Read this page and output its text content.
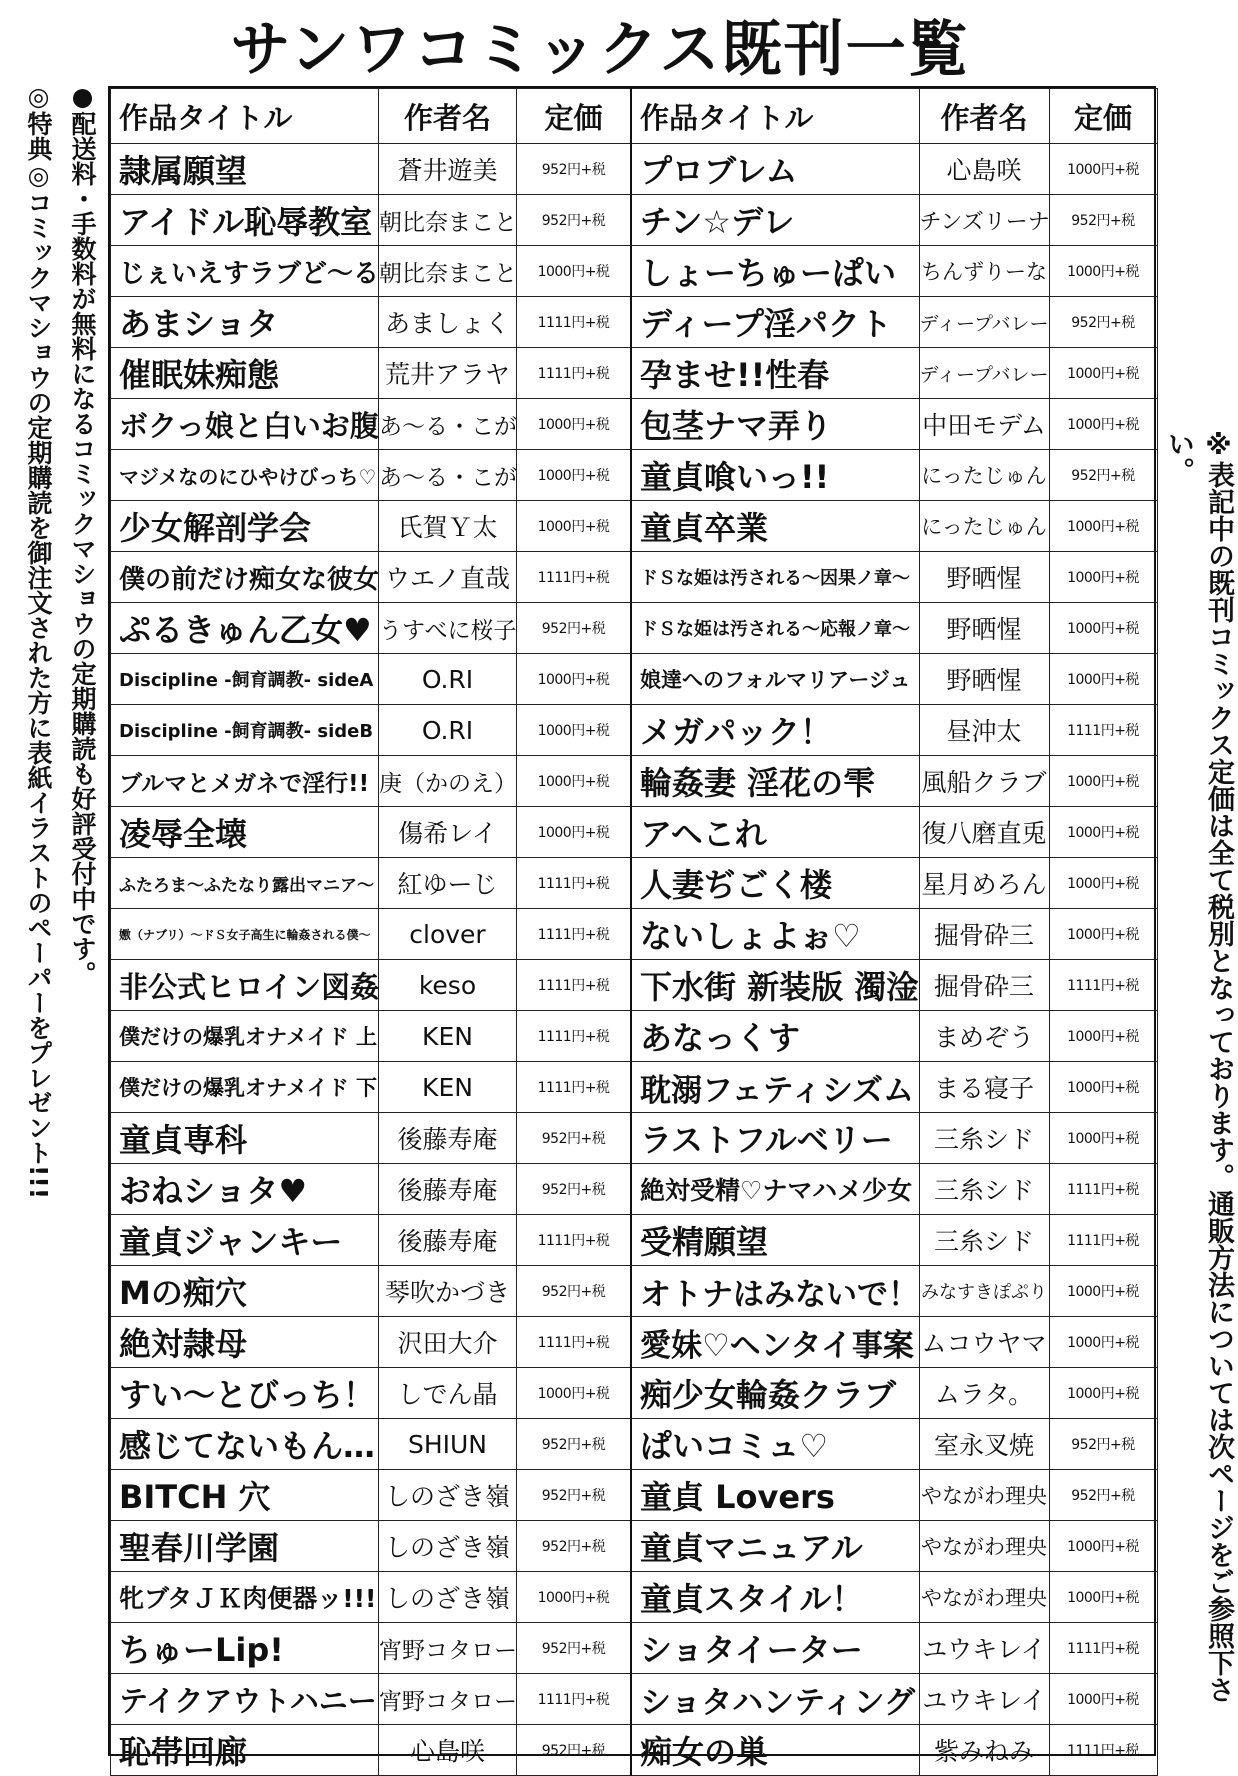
サンワコミックス既刊一覧
●配送料・手数料が無料になるコミックマショウの定期購読も好評受付中です。
◎特典◎コミックマショウの定期購読を御注文された方に表紙イラストのペーパーをプレゼント!!! 作品タイトル	作者名	定価
隷属願望	蒼井遊美	952円+税
アイドル恥辱教室	朝比奈まこと	952円+税
じぇいえすラブど～る	朝比奈まこと	1000円+税
あまショタ	あましょく	1111円+税
催眠妹痴態	荒井アラヤ	1111円+税
ボクっ娘と白いお腹	あ～る・こが	1000円+税
マジメなのにひやけびっち♡	あ～る・こが	1000円+税
少女解剖学会	氏賀Ｙ太	1000円+税
僕の前だけ痴女な彼女	ウエノ直哉	1111円+税
ぷるきゅん乙女♥	うすべに桜子	952円+税
Discipline -飼育調教- sideA	O.RI	1000円+税
Discipline -飼育調教- sideB	O.RI	1000円+税
ブルマとメガネで淫行!!	庚（かのえ）	1000円+税
凌辱全壊	傷希レイ	1000円+税
ふたろま～ふたなり露出マニア～	紅ゆーじ	1111円+税
嫐（ナブリ）～ドＳ女子高生に輪姦される僕～	clover	1111円+税
非公式ヒロイン図姦	keso	1111円+税
僕だけの爆乳オナメイド 上	KEN	1111円+税
僕だけの爆乳オナメイド 下	KEN	1111円+税
童貞専科	後藤寿庵	952円+税
おねショタ♥	後藤寿庵	952円+税
童貞ジャンキー	後藤寿庵	1111円+税
Mの痴穴	琴吹かづき	952円+税
絶対隷母	沢田大介	1111円+税
すい～とびっち！	しでん晶	1000円+税
感じてないもん…	SHIUN	952円+税
BITCH 穴	しのざき嶺	952円+税
聖春川学園	しのざき嶺	952円+税
牝ブタＪＫ肉便器ッ!!!	しのざき嶺	1000円+税
ちゅーLip!	宵野コタロー	952円+税
テイクアウトハニー	宵野コタロー	1111円+税
恥帯回廊	心島咲	952円+税
作品タイトル	作者名	定価
プロブレム	心島咲	1000円+税
チン☆デレ	チンズリーナ	952円+税
しょーちゅーぱい	ちんずりーな	1000円+税
ディープ淫パクト	ディープバレー	952円+税
孕ませ!!性春	ディープバレー	1000円+税
包茎ナマ弄り	中田モデム	1000円+税
童貞喰いっ!!	にったじゅん	952円+税
童貞卒業	にったじゅん	1000円+税
ドＳな姫は汚される～因果ノ章～	野晒惺	1000円+税
ドＳな姫は汚される～応報ノ章～	野晒惺	1000円+税
娘達へのフォルマリアージュ	野晒惺	1000円+税
メガパック！	昼沖太	1111円+税
輪姦妻 淫花の雫	風船クラブ	1000円+税
アヘこれ	復八磨直兎	1000円+税
人妻ぢごく楼	星月めろん	1000円+税
ないしょよぉ♡	掘骨砕三	1000円+税
下水街 新装版 濁淦	掘骨砕三	1111円+税
あなっくす	まめぞう	1000円+税
耽溺フェティシズム	まる寝子	1000円+税
ラストフルベリー	三糸シド	1000円+税
絶対受精♡ナマハメ少女	三糸シド	1111円+税
受精願望	三糸シド	1111円+税
オトナはみないで！	みなすきぽぷり	1000円+税
愛妹♡ヘンタイ事案	ムコウヤマ	1000円+税
痴少女輪姦クラブ	ムラタ。	1000円+税
ぱいコミュ♡	室永叉焼	952円+税
童貞 Lovers	やながわ理央	952円+税
童貞マニュアル	やながわ理央	1000円+税
童貞スタイル！	やながわ理央	1000円+税
ショタイーター	ユウキレイ	1111円+税
ショタハンティング	ユウキレイ	1000円+税
痴女の巣	紫みねみ	1111円+税
※表記中の既刊コミックス定価は全て税別となっております。通販方法については次ページをご参照下さい。
